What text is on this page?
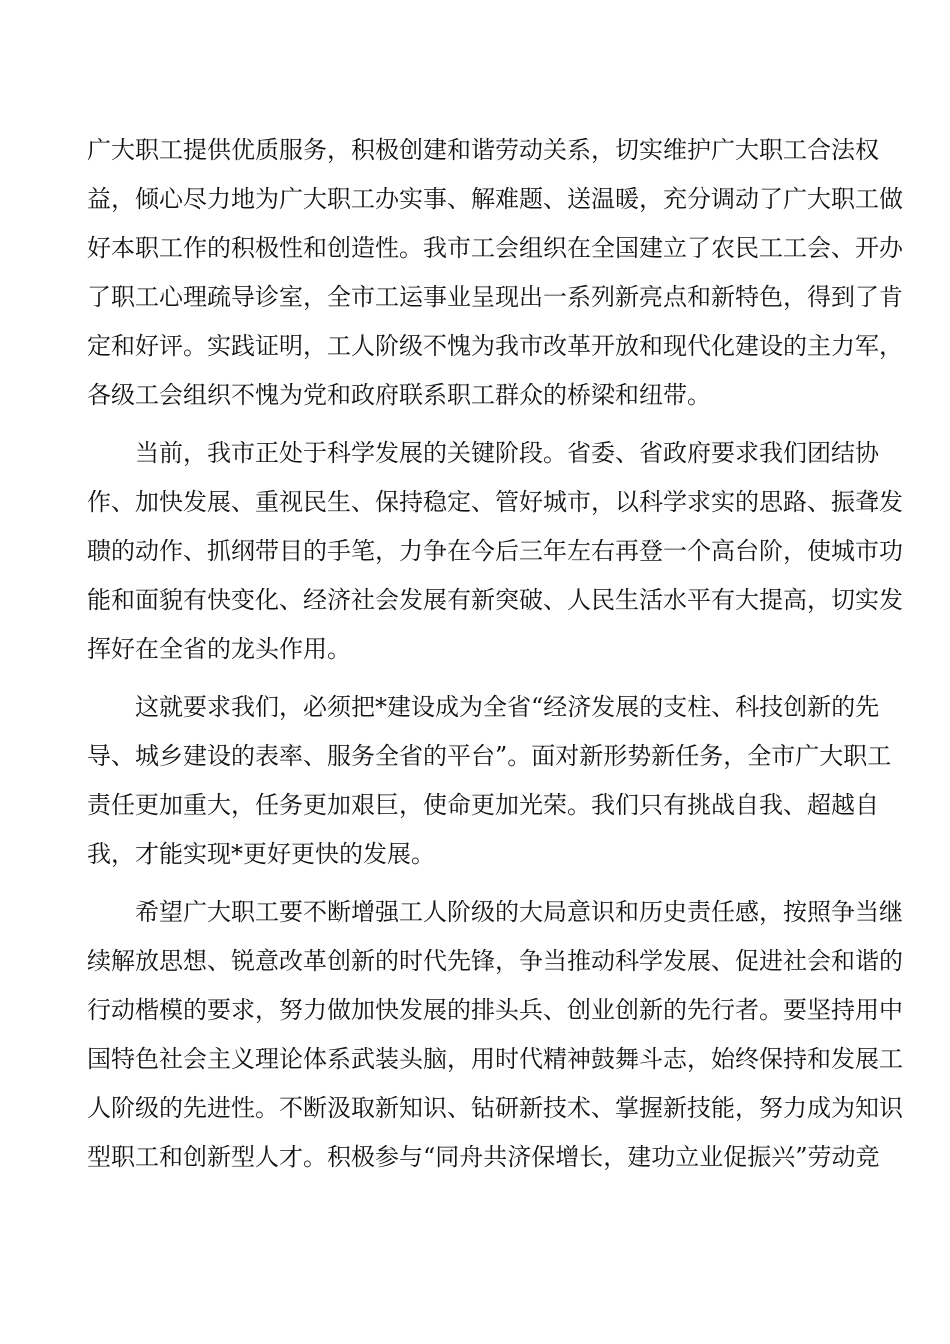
广大职工提供优质服务，积极创建和谐劳动关系，切实维护广大职工合法权
益，倾心尽力地为广大职工办实事、解难题、送温暖，充分调动了广大职工做
好本职工作的积极性和创造性。我市工会组织在全国建立了农民工工会、开办
了职工心理疏导诊室，全市工运事业呈现出一系列新亮点和新特色，得到了肯
定和好评。实践证明，工人阶级不愧为我市改革开放和现代化建设的主力军，
各级工会组织不愧为党和政府联系职工群众的桥梁和纽带。
当前，我市正处于科学发展的关键阶段。省委、省政府要求我们团结协
作、加快发展、重视民生、保持稳定、管好城市，以科学求实的思路、振聋发
聩的动作、抓纲带目的手笔，力争在今后三年左右再登一个高台阶，使城市功
能和面貌有快变化、经济社会发展有新突破、人民生活水平有大提高，切实发
挥好在全省的龙头作用。
这就要求我们，必须把*建设成为全省“经济发展的支柱、科技创新的先
导、城乡建设的表率、服务全省的平台”。面对新形势新任务，全市广大职工
责任更加重大，任务更加艰巨，使命更加光荣。我们只有挑战自我、超越自
我，才能实现*更好更快的发展。
希望广大职工要不断增强工人阶级的大局意识和历史责任感，按照争当继
续解放思想、锐意改革创新的时代先锋，争当推动科学发展、促进社会和谐的
行动楷模的要求，努力做加快发展的排头兵、创业创新的先行者。要坚持用中
国特色社会主义理论体系武装头脑，用时代精神鼓舞斗志，始终保持和发展工
人阶级的先进性。不断汲取新知识、钻研新技术、掌握新技能，努力成为知识
型职工和创新型人才。积极参与“同舟共济保增长，建功立业促振兴”劳动竞
